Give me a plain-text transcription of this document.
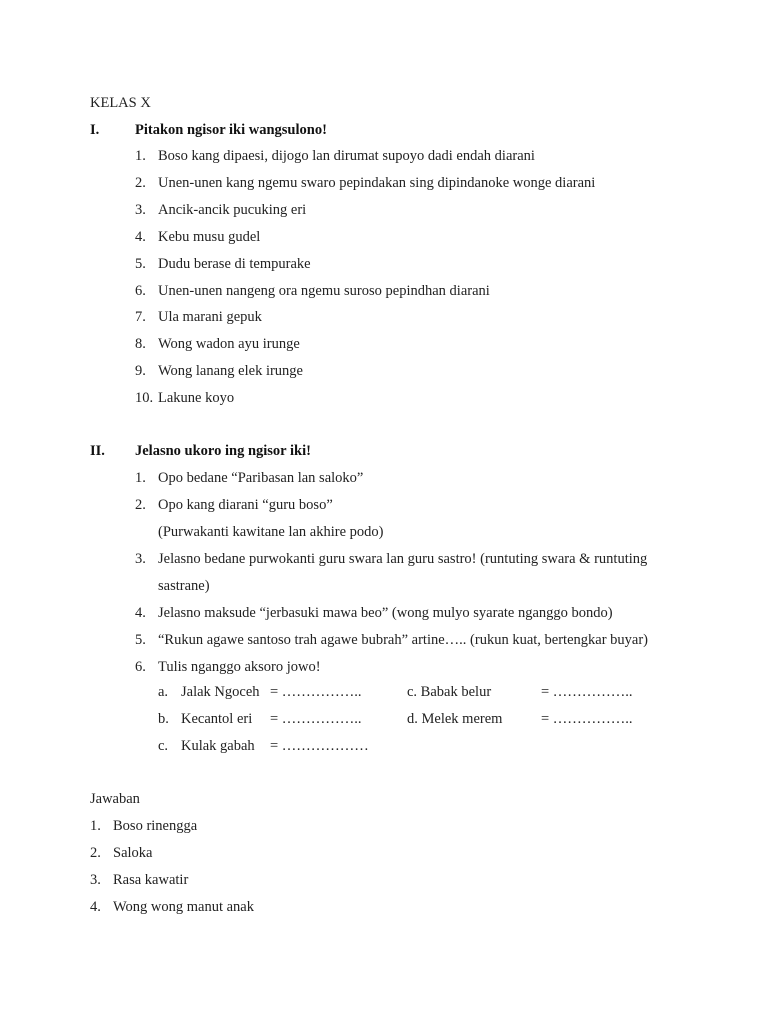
KELAS X
I. Pitakon ngisor iki wangsulono!
1. Boso kang dipaesi, dijogo lan dirumat supoyo dadi endah diarani
2. Unen-unen kang ngemu swaro pepindakan sing dipindanoke wonge diarani
3. Ancik-ancik pucuking eri
4. Kebu musu gudel
5. Dudu berase di tempurake
6. Unen-unen nangeng ora ngemu suroso pepindhan diarani
7. Ula marani gepuk
8. Wong wadon ayu irunge
9. Wong lanang elek irunge
10. Lakune koyo
II. Jelasno ukoro ing ngisor iki!
1. Opo bedane “Paribasan lan saloko”
2. Opo kang diarani “guru boso”
(Purwakanti kawitane lan akhire podo)
3. Jelasno bedane purwokanti guru swara lan guru sastro! (runtuting swara & runtuting
sastrane)
4. Jelasno maksude “jerbasuki mawa beo” (wong mulyo syarate nganggo bondo)
5. “Rukun agawe santoso trah agawe bubrah” artine….. (rukun kuat, bertengkar buyar)
6. Tulis nganggo aksoro jowo!
a. Jalak Ngoceh = ……………..	c. Babak belur	= ……………..
b. Kecantol eri = ……………..	d. Melek merem	= ……………..
c. Kulak gabah = ………………
Jawaban
1. Boso rinengga
2. Saloka
3. Rasa kawatir
4. Wong wong manut anak
